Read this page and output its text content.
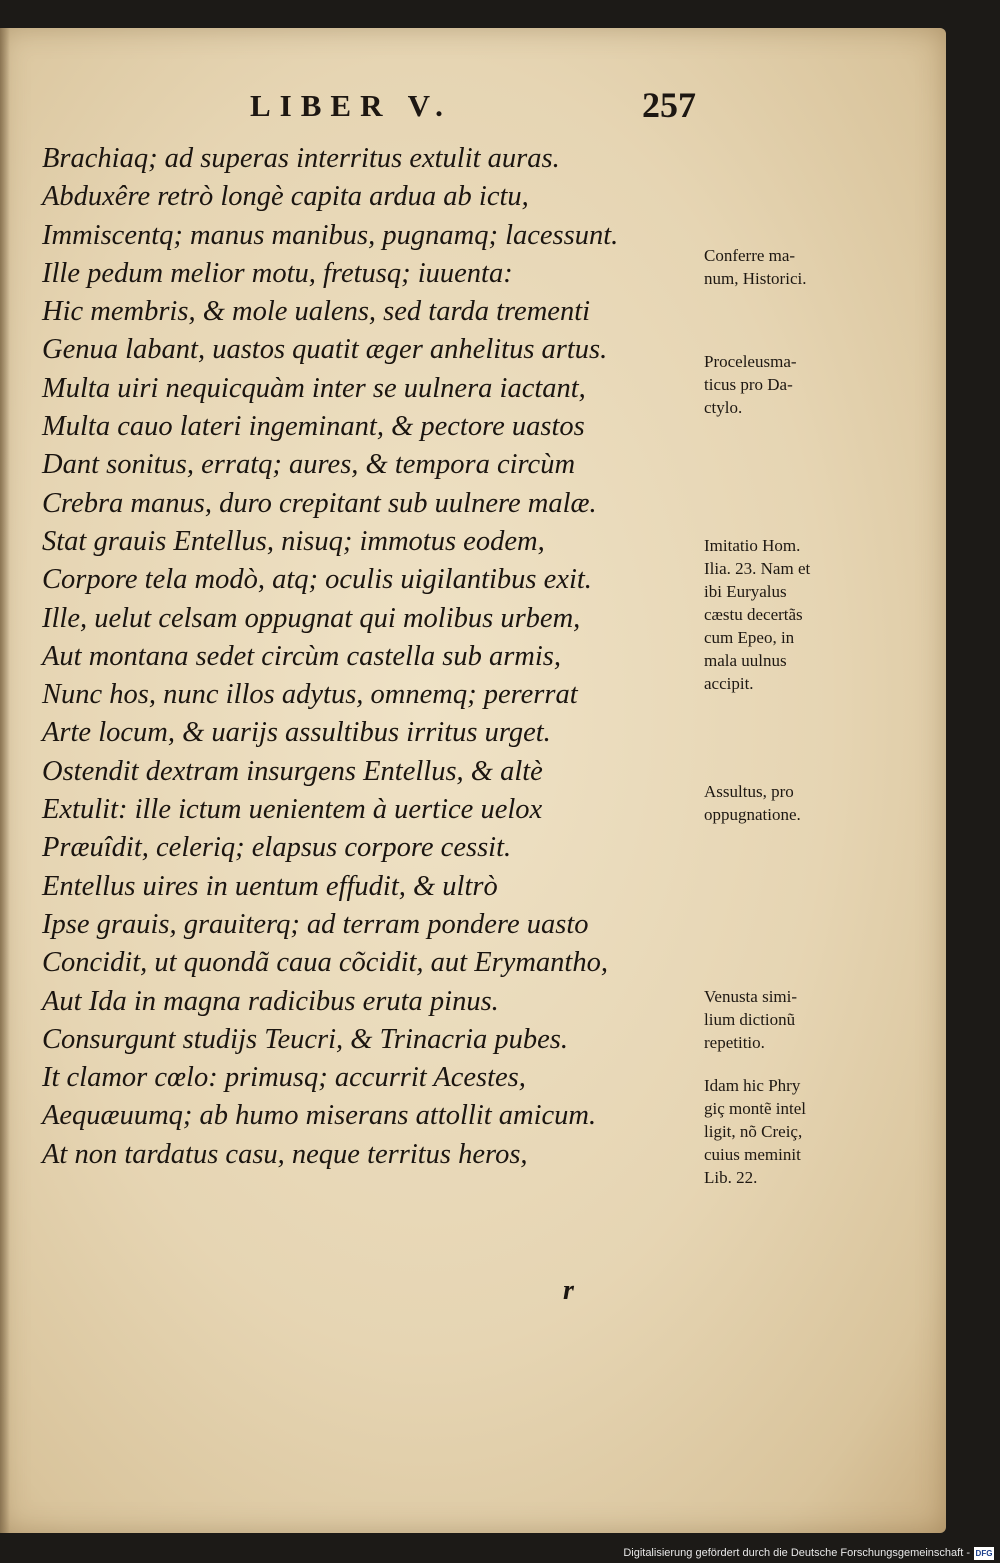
LIBER V.	257
Brachiaq; ad superas interritus extulit auras.
Abduxêre retrò longè capita ardua ab ictu,
Immiscentq; manus manibus, pugnamq; lacessunt.
Ille pedum melior motu, fretusq; iuuenta:
Hic membris, & mole ualens, sed tarda trementi
Genua labant, uastos quatit æger anhelitus artus.
Multa uiri nequicquàm inter se uulnera iactant,
Multa cauo lateri ingeminant, & pectore uastos
Dant sonitus, erratq; aures, & tempora circùm
Crebra manus, duro crepitant sub uulnere malæ.
Stat grauis Entellus, nisuq; immotus eodem,
Corpore tela modò, atq; oculis uigilantibus exit.
Ille, uelut celsam oppugnat qui molibus urbem,
Aut montana sedet circùm castella sub armis,
Nunc hos, nunc illos adytus, omnemq; pererrat
Arte locum, & uarijs assultibus irritus urget.
Ostendit dextram insurgens Entellus, & altè
Extulit: ille ictum uenientem à uertice uelox
Præuîdit, celeriq; elapsus corpore cessit.
Entellus uires in uentum effudit, & ultrò
Ipse grauis, grauiterq; ad terram pondere uasto
Concidit, ut quondã caua cõcidit, aut Erymantho,
Aut Ida in magna radicibus eruta pinus.
Consurgunt studijs Teucri, & Trinacria pubes.
It clamor cœlo: primusq; accurrit Acestes,
Aequæuumq; ab humo miserans attollit amicum.
At non tardatus casu, neque territus heros,
Conferre ma-
num, Historici.
Proceleusma-
ticus pro Da-
ctylo.
Imitatio Hom.
Ilia. 23. Nam et
ibi Euryalus
cæstu decertãs
cum Epeo, in
mala uulnus
accipit.
Assultus, pro
oppugnatione.
Venusta simi-
lium dictionũ
repetitio.
Idam hic Phry
giç montẽ intel
ligit, nõ Creiç,
cuius meminit
Lib. 22.
r
Digitalisierung gefördert durch die Deutsche Forschungsgemeinschaft - DFG
